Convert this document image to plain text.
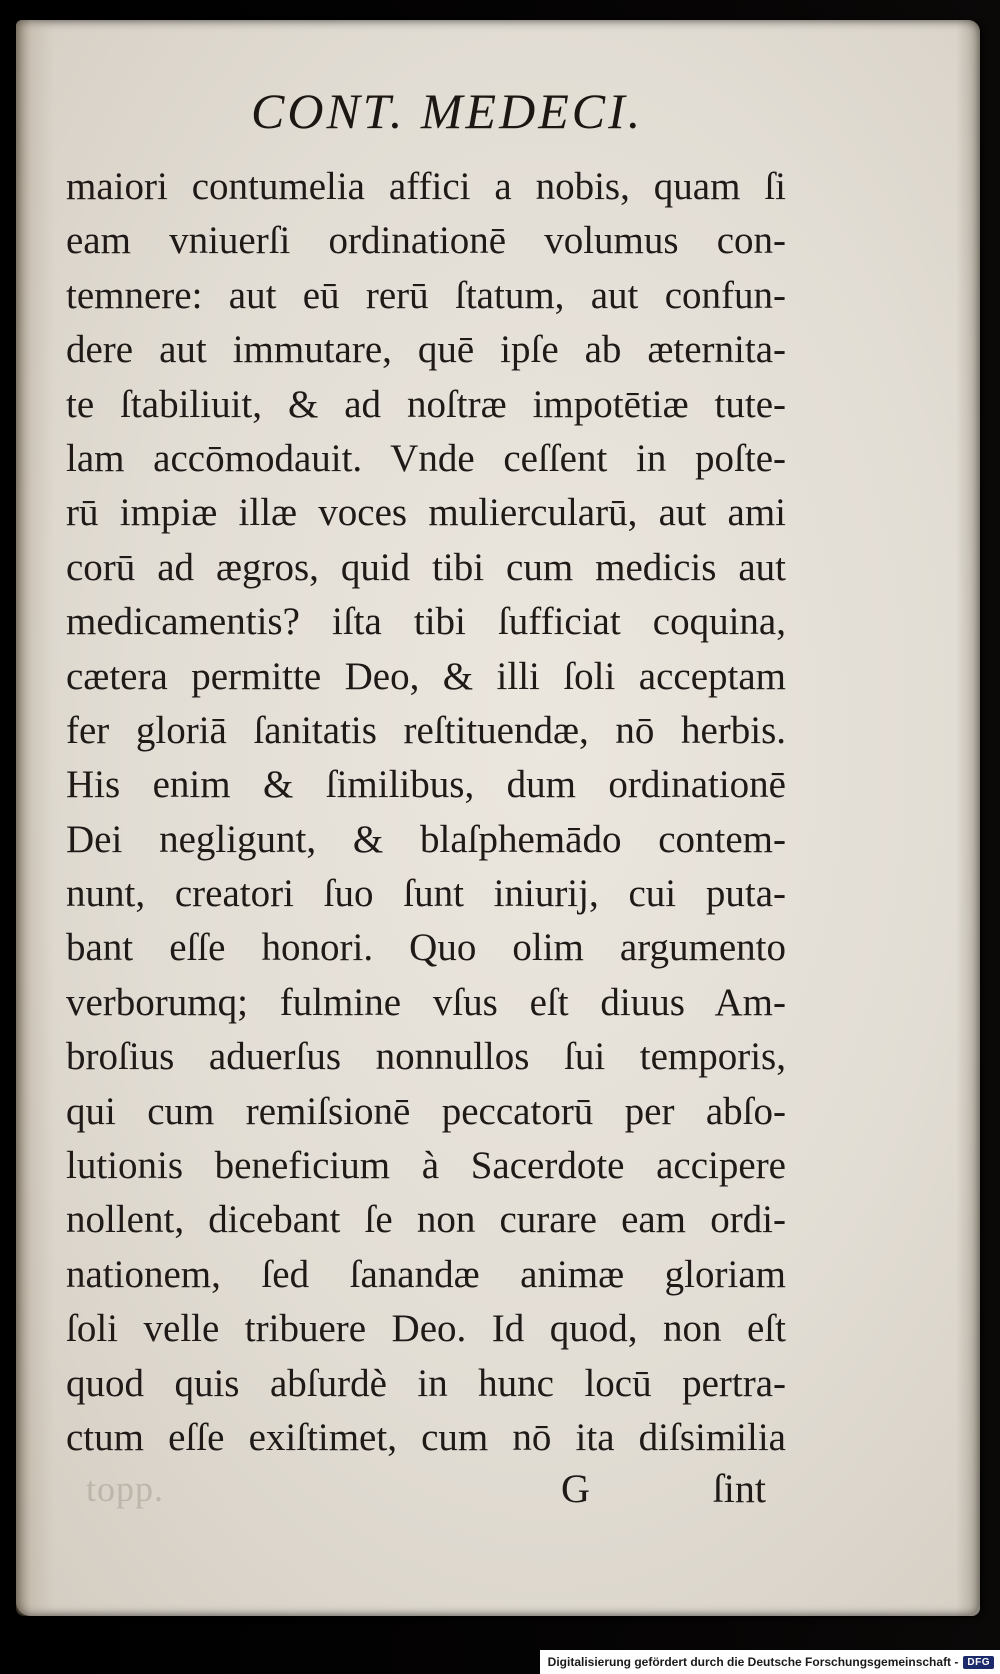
CONT. MEDECI.
maiori contumelia affici a nobis, quam ſi
eam vniuerſi ordinationē volumus con-
temnere: aut eū rerū ſtatum, aut confun-
dere aut immutare, quē ipſe ab æternita-
te ſtabiliuit, & ad noſtræ impotētiæ tute-
lam accōmodauit. Vnde ceſſent in poſte-
rū impiæ illæ voces muliercularū, aut ami
corū ad ægros, quid tibi cum medicis aut
medicamentis? iſta tibi ſufficiat coquina,
cætera permitte Deo, & illi ſoli acceptam
fer gloriā ſanitatis reſtituendæ, nō herbis.
His enim & ſimilibus, dum ordinationē
Dei negligunt, & blaſphemādo contem-
nunt, creatori ſuo ſunt iniurij, cui puta-
bant eſſe honori. Quo olim argumento
verborumq; fulmine vſus eſt diuus Am-
broſius aduerſus nonnullos ſui temporis,
qui cum remiſsionē peccatorū per abſo-
lutionis beneficium à Sacerdote accipere
nollent, dicebant ſe non curare eam ordi-
nationem, ſed ſanandæ animæ gloriam
ſoli velle tribuere Deo. Id quod, non eſt
quod quis abſurdè in hunc locū pertra-
ctum eſſe exiſtimet, cum nō ita diſsimilia
topp.	G	ſint
Digitalisierung gefördert durch die Deutsche Forschungsgemeinschaft - DFG
